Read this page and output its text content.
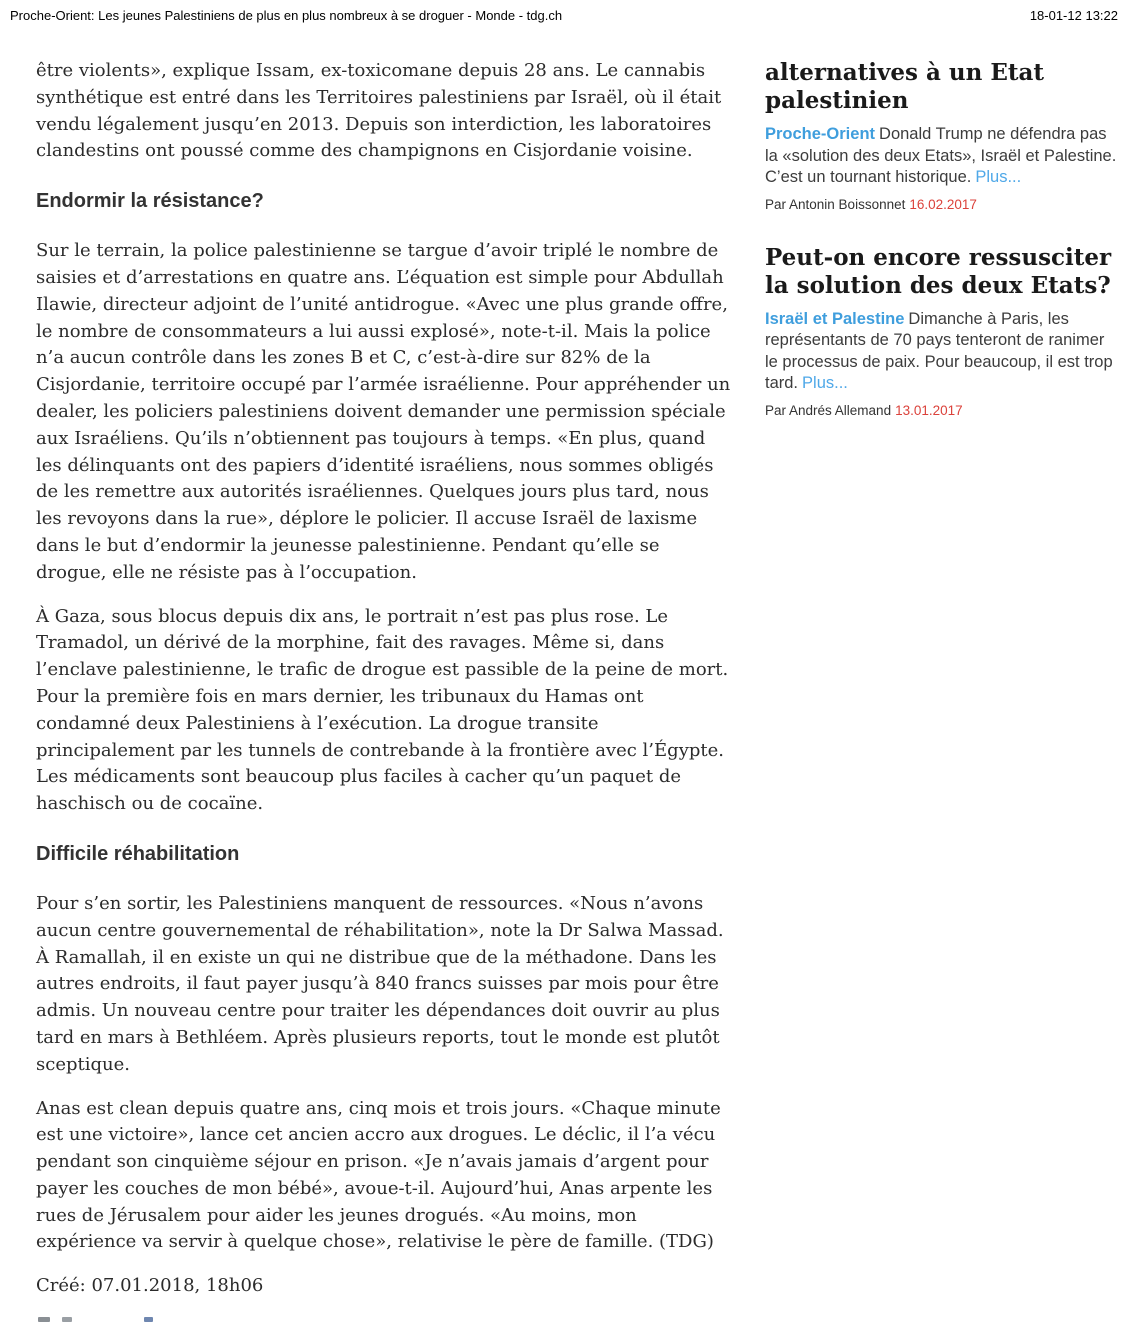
Proche-Orient: Les jeunes Palestiniens de plus en plus nombreux à se droguer - Monde - tdg.ch	18-01-12 13:22

être violents», explique Issam, ex-toxicomane depuis 28 ans. Le cannabis synthétique est entré dans les Territoires palestiniens par Israël, où il était vendu légalement jusqu’en 2013. Depuis son interdiction, les laboratoires clandestins ont poussé comme des champignons en Cisjordanie voisine.

Endormir la résistance?

Sur le terrain, la police palestinienne se targue d’avoir triplé le nombre de saisies et d’arrestations en quatre ans. L’équation est simple pour Abdullah Ilawie, directeur adjoint de l’unité antidrogue. «Avec une plus grande offre, le nombre de consommateurs a lui aussi explosé», note-t-il. Mais la police n’a aucun contrôle dans les zones B et C, c’est-à-dire sur 82% de la Cisjordanie, territoire occupé par l’armée israélienne. Pour appréhender un dealer, les policiers palestiniens doivent demander une permission spéciale aux Israéliens. Qu’ils n’obtiennent pas toujours à temps. «En plus, quand les délinquants ont des papiers d’identité israéliens, nous sommes obligés de les remettre aux autorités israéliennes. Quelques jours plus tard, nous les revoyons dans la rue», déplore le policier. Il accuse Israël de laxisme dans le but d’endormir la jeunesse palestinienne. Pendant qu’elle se drogue, elle ne résiste pas à l’occupation.

À Gaza, sous blocus depuis dix ans, le portrait n’est pas plus rose. Le Tramadol, un dérivé de la morphine, fait des ravages. Même si, dans l’enclave palestinienne, le trafic de drogue est passible de la peine de mort. Pour la première fois en mars dernier, les tribunaux du Hamas ont condamné deux Palestiniens à l’exécution. La drogue transite principalement par les tunnels de contrebande à la frontière avec l’Égypte. Les médicaments sont beaucoup plus faciles à cacher qu’un paquet de haschisch ou de cocaïne.

Difficile réhabilitation

Pour s’en sortir, les Palestiniens manquent de ressources. «Nous n’avons aucun centre gouvernemental de réhabilitation», note la Dr Salwa Massad. À Ramallah, il en existe un qui ne distribue que de la méthadone. Dans les autres endroits, il faut payer jusqu’à 840 francs suisses par mois pour être admis. Un nouveau centre pour traiter les dépendances doit ouvrir au plus tard en mars à Bethléem. Après plusieurs reports, tout le monde est plutôt sceptique.

Anas est clean depuis quatre ans, cinq mois et trois jours. «Chaque minute est une victoire», lance cet ancien accro aux drogues. Le déclic, il l’a vécu pendant son cinquième séjour en prison. «Je n’avais jamais d’argent pour payer les couches de mon bébé», avoue-t-il. Aujourd’hui, Anas arpente les rues de Jérusalem pour aider les jeunes drogués. «Au moins, mon expérience va servir à quelque chose», relativise le père de famille. (TDG)

Créé: 07.01.2018, 18h06

alternatives à un Etat palestinien

Proche-Orient Donald Trump ne défendra pas la «solution des deux Etats», Israël et Palestine. C’est un tournant historique. Plus...

Par Antonin Boissonnet 16.02.2017

Peut-on encore ressusciter la solution des deux Etats?

Israël et Palestine Dimanche à Paris, les représentants de 70 pays tenteront de ranimer le processus de paix. Pour beaucoup, il est trop tard. Plus...

Par Andrés Allemand 13.01.2017
